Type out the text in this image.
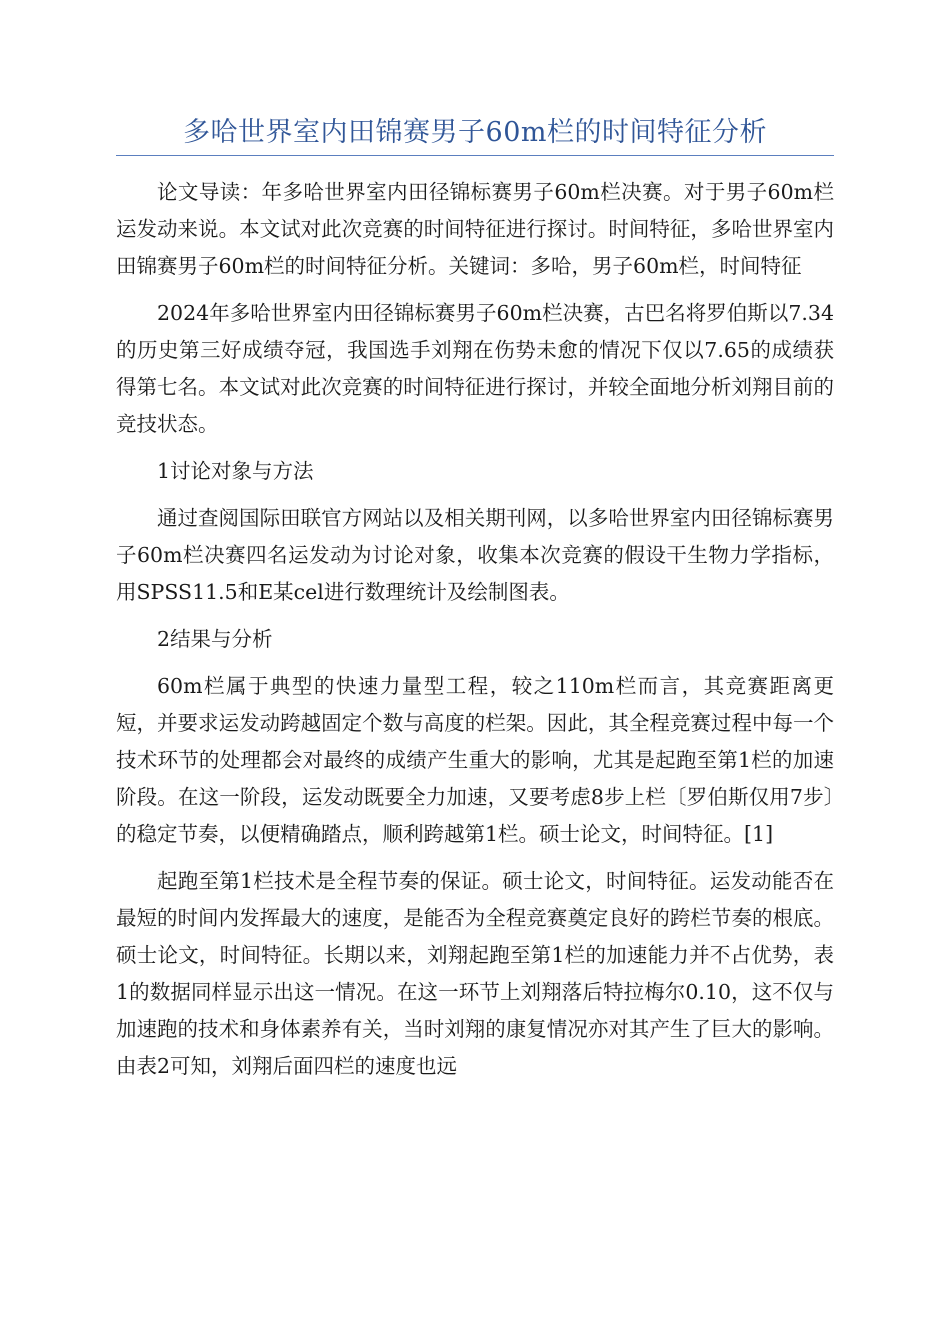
多哈世界室内田锦赛男子60m栏的时间特征分析

论文导读：年多哈世界室内田径锦标赛男子60m栏决赛。对于男子60m栏运发动来说。本文试对此次竞赛的时间特征进行探讨。时间特征，多哈世界室内田锦赛男子60m栏的时间特征分析。关键词：多哈，男子60m栏，时间特征

2024年多哈世界室内田径锦标赛男子60m栏决赛，古巴名将罗伯斯以7.34的历史第三好成绩夺冠，我国选手刘翔在伤势未愈的情况下仅以7.65的成绩获得第七名。本文试对此次竞赛的时间特征进行探讨，并较全面地分析刘翔目前的竞技状态。

1讨论对象与方法

通过查阅国际田联官方网站以及相关期刊网，以多哈世界室内田径锦标赛男子60m栏决赛四名运发动为讨论对象，收集本次竞赛的假设干生物力学指标，用SPSS11.5和E某cel进行数理统计及绘制图表。

2结果与分析

60m栏属于典型的快速力量型工程，较之110m栏而言，其竞赛距离更短，并要求运发动跨越固定个数与高度的栏架。因此，其全程竞赛过程中每一个技术环节的处理都会对最终的成绩产生重大的影响，尤其是起跑至第1栏的加速阶段。在这一阶段，运发动既要全力加速，又要考虑8步上栏〔罗伯斯仅用7步〕的稳定节奏，以便精确踏点，顺利跨越第1栏。硕士论文，时间特征。[1]

起跑至第1栏技术是全程节奏的保证。硕士论文，时间特征。运发动能否在最短的时间内发挥最大的速度，是能否为全程竞赛奠定良好的跨栏节奏的根底。硕士论文，时间特征。长期以来，刘翔起跑至第1栏的加速能力并不占优势，表1的数据同样显示出这一情况。在这一环节上刘翔落后特拉梅尔0.10，这不仅与加速跑的技术和身体素养有关，当时刘翔的康复情况亦对其产生了巨大的影响。由表2可知，刘翔后面四栏的速度也远
